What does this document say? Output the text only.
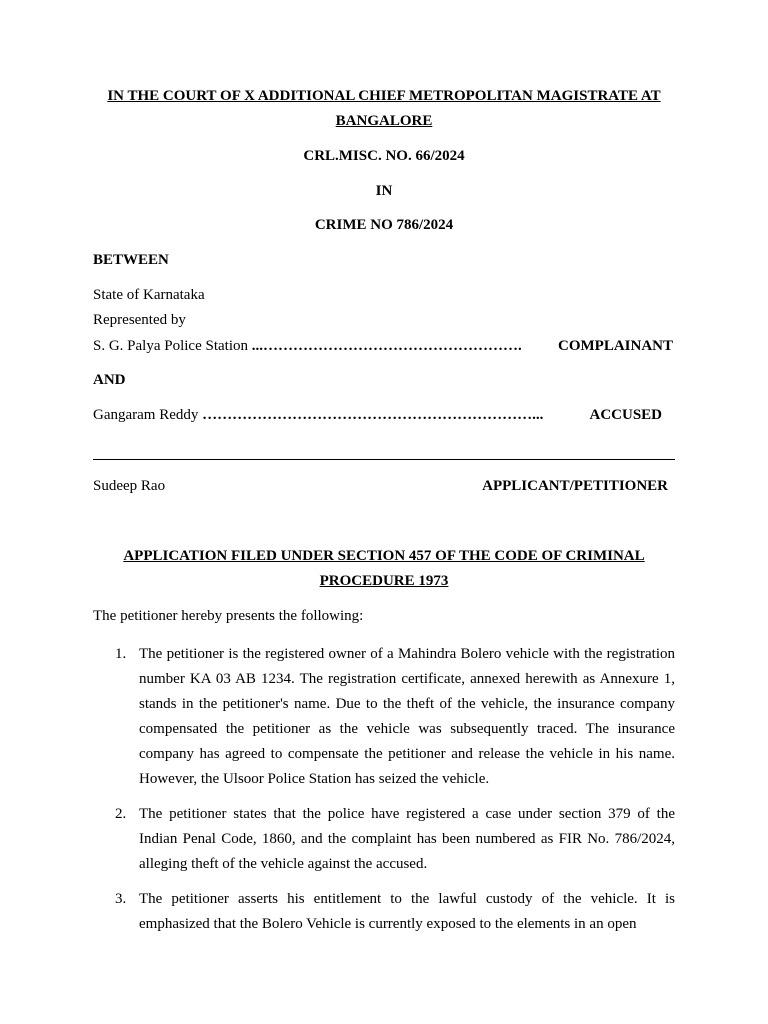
IN THE COURT OF X ADDITIONAL CHIEF METROPOLITAN MAGISTRATE AT
BANGALORE
CRL.MISC. NO. 66/2024
IN
CRIME NO 786/2024
BETWEEN
State of Karnataka
Represented by
S. G. Palya Police Station ...……………………………………………. COMPLAINANT
AND
Gangaram Reddy …………………………………………………………...	ACCUSED
Sudeep Rao	APPLICANT/PETITIONER
APPLICATION FILED UNDER SECTION 457 OF THE CODE OF CRIMINAL
PROCEDURE 1973
The petitioner hereby presents the following:
1. The petitioner is the registered owner of a Mahindra Bolero vehicle with the registration number KA 03 AB 1234. The registration certificate, annexed herewith as Annexure 1, stands in the petitioner's name. Due to the theft of the vehicle, the insurance company compensated the petitioner as the vehicle was subsequently traced. The insurance company has agreed to compensate the petitioner and release the vehicle in his name. However, the Ulsoor Police Station has seized the vehicle.
2. The petitioner states that the police have registered a case under section 379 of the Indian Penal Code, 1860, and the complaint has been numbered as FIR No. 786/2024, alleging theft of the vehicle against the accused.
3. The petitioner asserts his entitlement to the lawful custody of the vehicle. It is emphasized that the Bolero Vehicle is currently exposed to the elements in an open
